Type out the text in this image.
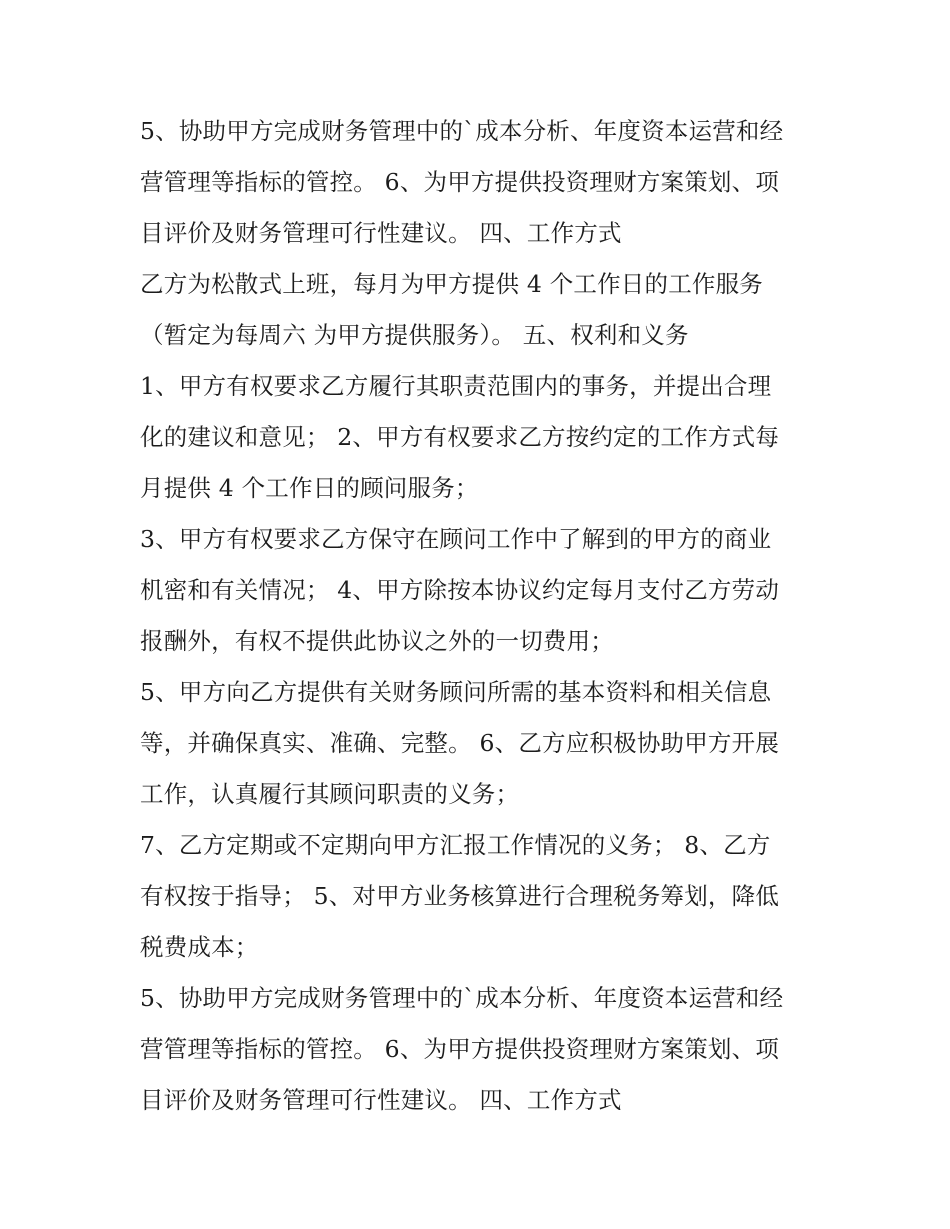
5、协助甲方完成财务管理中的`成本分析、年度资本运营和经
营管理等指标的管控。 6、为甲方提供投资理财方案策划、项
目评价及财务管理可行性建议。 四、工作方式
乙方为松散式上班，每月为甲方提供 4 个工作日的工作服务
（暂定为每周六 为甲方提供服务）。 五、权利和义务
1、甲方有权要求乙方履行其职责范围内的事务，并提出合理
化的建议和意见； 2、甲方有权要求乙方按约定的工作方式每
月提供 4 个工作日的顾问服务；
3、甲方有权要求乙方保守在顾问工作中了解到的甲方的商业
机密和有关情况； 4、甲方除按本协议约定每月支付乙方劳动
报酬外，有权不提供此协议之外的一切费用；
5、甲方向乙方提供有关财务顾问所需的基本资料和相关信息
等，并确保真实、准确、完整。 6、乙方应积极协助甲方开展
工作，认真履行其顾问职责的义务；
7、乙方定期或不定期向甲方汇报工作情况的义务； 8、乙方
有权按于指导； 5、对甲方业务核算进行合理税务筹划，降低
税费成本；
5、协助甲方完成财务管理中的`成本分析、年度资本运营和经
营管理等指标的管控。 6、为甲方提供投资理财方案策划、项
目评价及财务管理可行性建议。 四、工作方式
